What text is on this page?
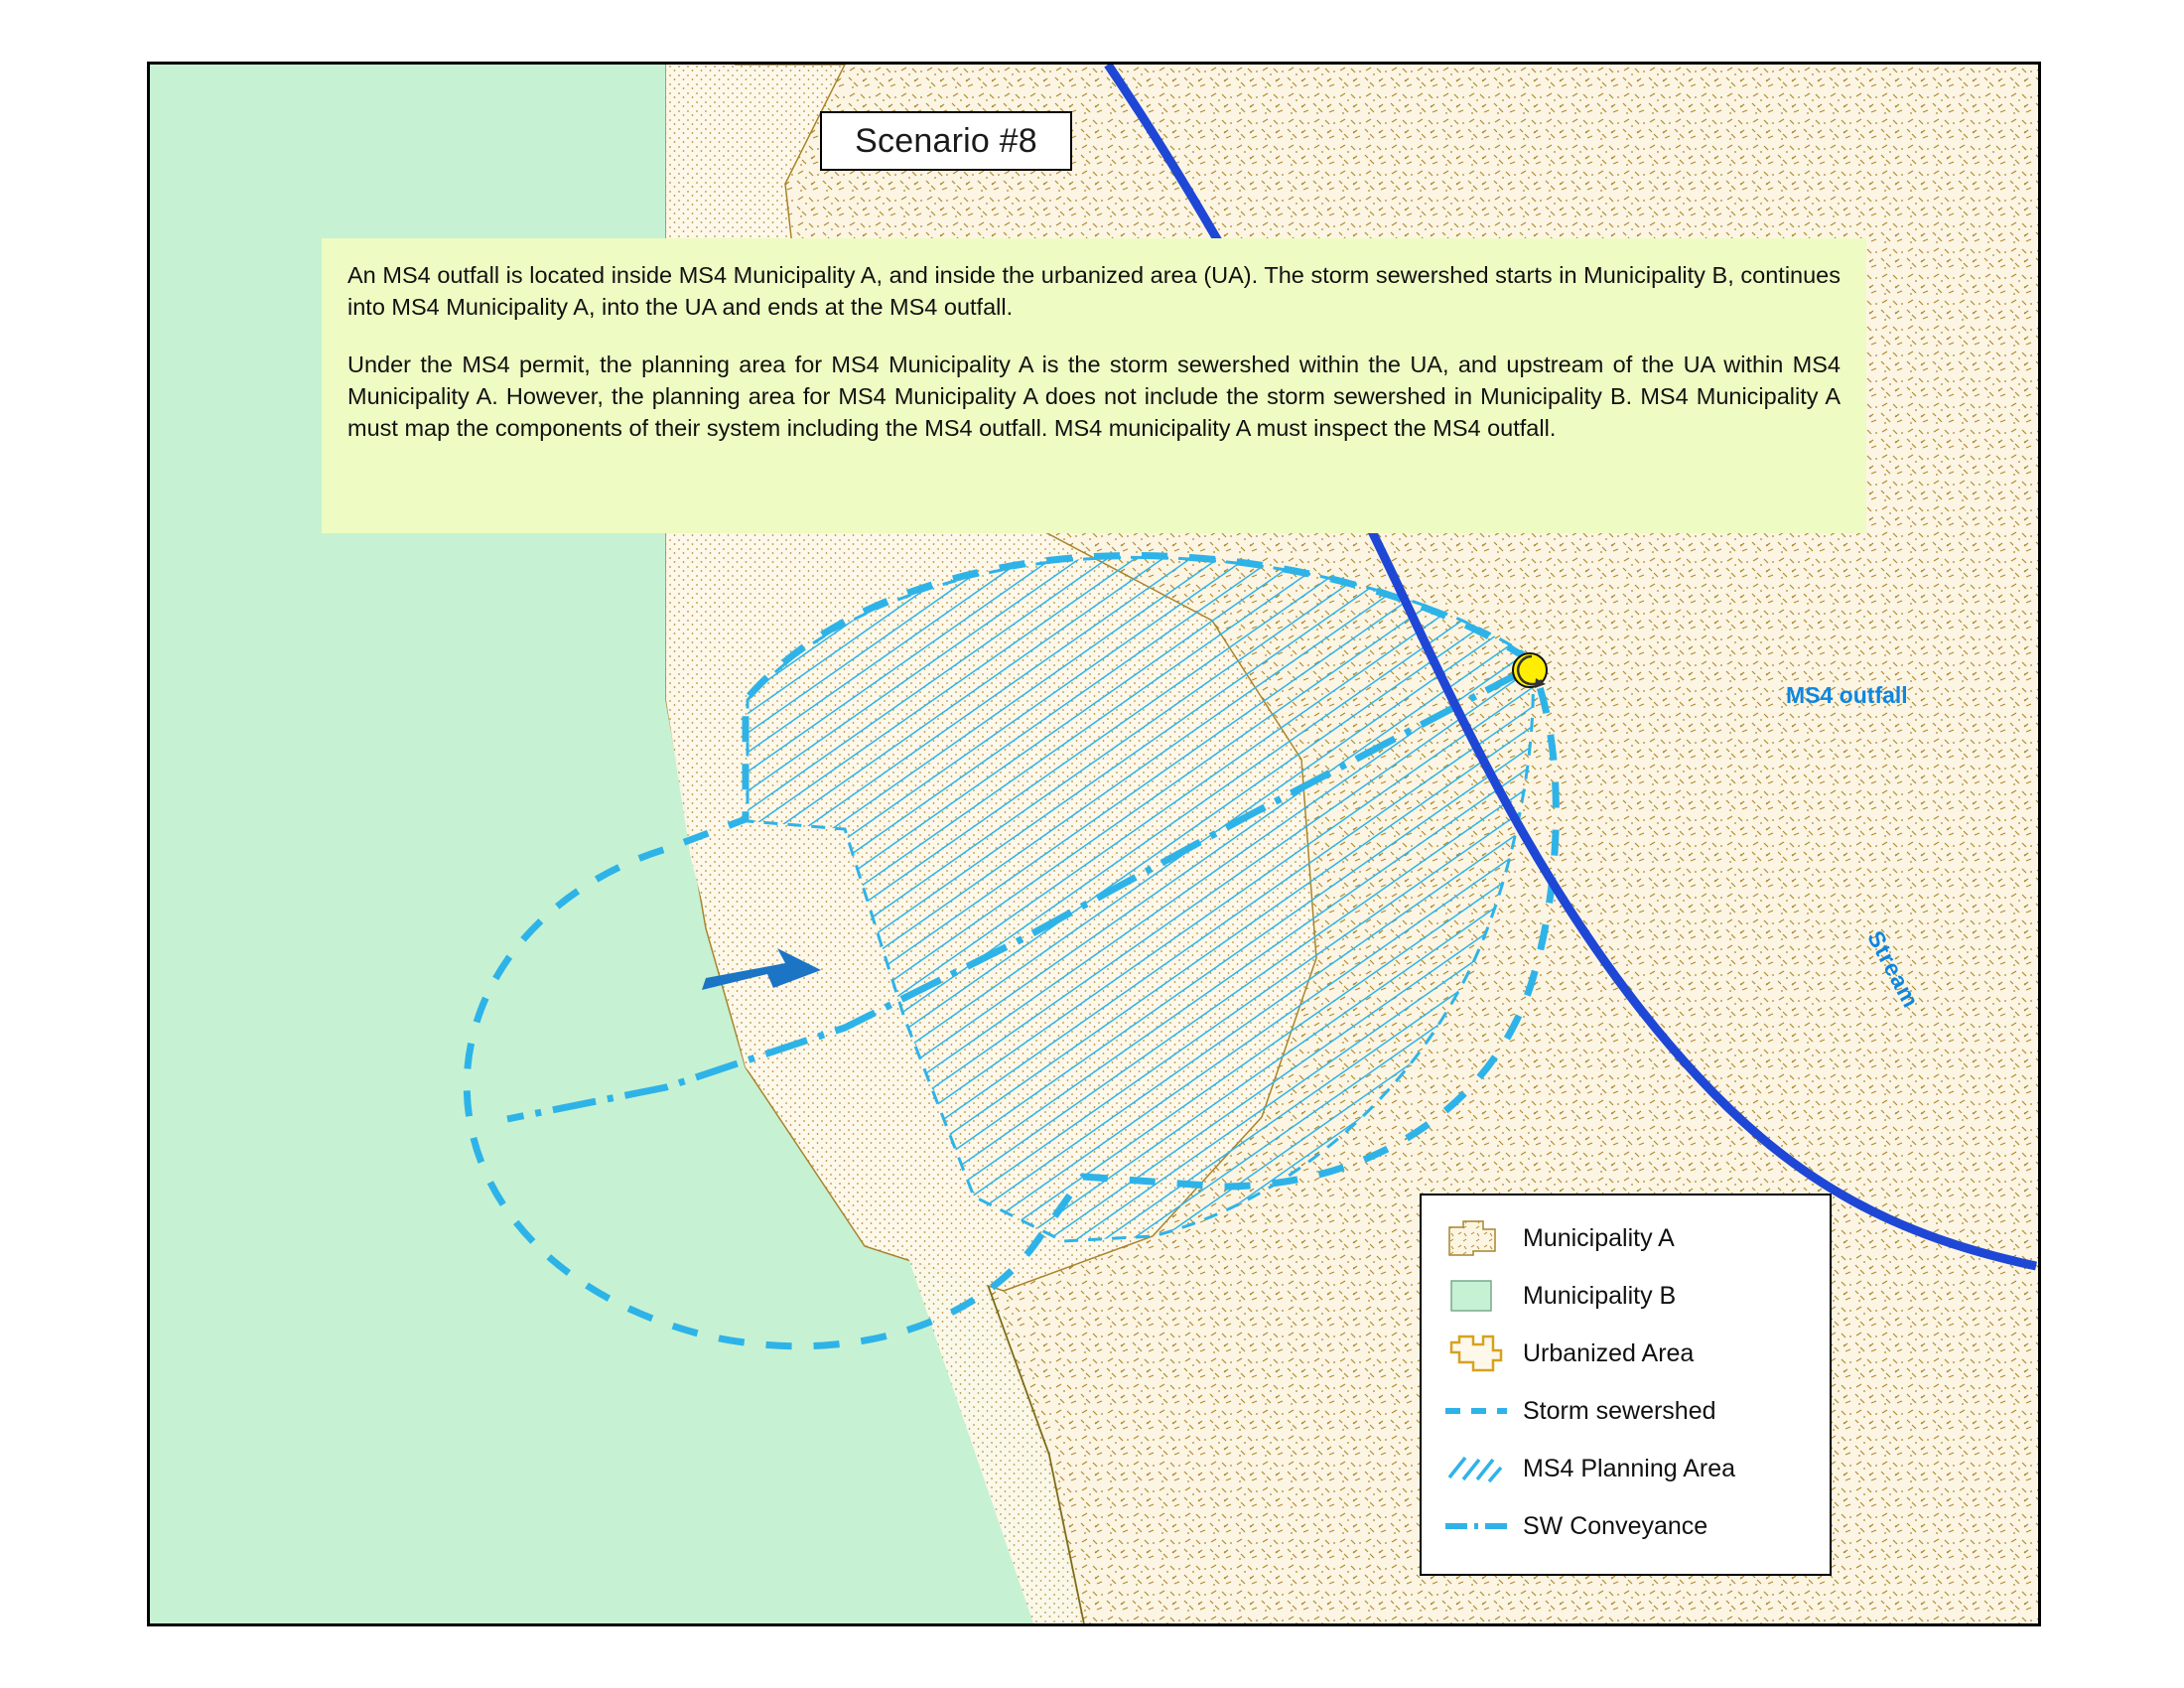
MS4 outfall
Stream
Scenario #8

An MS4 outfall is located inside MS4 Municipality A, and inside the urbanized area (UA). The storm sewershed starts in Municipality B, continues into MS4 Municipality A, into the UA and ends at the MS4 outfall.

Under the MS4 permit, the planning area for MS4 Municipality A is the storm sewershed within the UA, and upstream of the UA within MS4 Municipality A. However, the planning area for MS4 Municipality A does not include the storm sewershed in Municipality B. MS4 Municipality A must map the components of their system including the MS4 outfall. MS4 municipality A must inspect the MS4 outfall.

Municipality A
Municipality B
Urbanized Area
Storm sewershed
MS4 Planning Area
SW Conveyance
